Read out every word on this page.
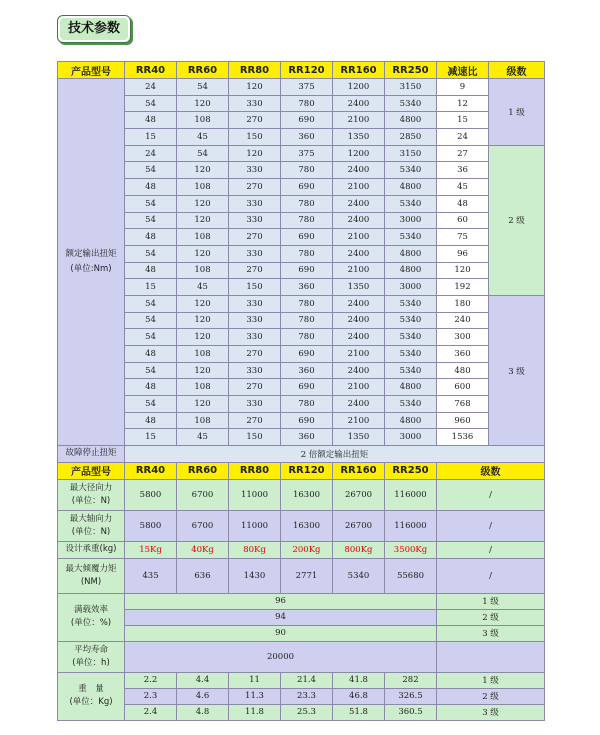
技术参数
产品型号	RR40	RR60	RR80	RR120	RR160	RR250	减速比	级数

额定输出扭矩
(单位:Nm)	24	54	120	375	1200	3150	9	1 级
	54	120	330	780	2400	5340	12	
	48	108	270	690	2100	4800	15	
	15	45	150	360	1350	2850	24	
	24	54	120	375	1200	3150	27	2 级
	54	120	330	780	2400	5340	36	
	48	108	270	690	2100	4800	45	
	54	120	330	780	2400	5340	48	
	54	120	330	780	2400	3000	60	
	48	108	270	690	2100	5340	75	
	54	120	330	780	2400	4800	96	
	48	108	270	690	2100	4800	120	
	15	45	150	360	1350	3000	192	
	54	120	330	780	2400	5340	180	3 级
	54	120	330	780	2400	5340	240	
	54	120	330	780	2400	5340	300	
	48	108	270	690	2100	5340	360	
	54	120	330	360	2400	5340	480	
	48	108	270	690	2100	4800	600	
	54	120	330	780	2400	5340	768	
	48	108	270	690	2100	4800	960	
	15	45	150	360	1350	3000	1536	
故障停止扭矩	2 倍额定输出扭矩							
产品型号	RR40	RR60	RR80	RR120	RR160	RR250	级数	

最大径向力
(单位：N)	5800	6700	11000	16300	26700	116000	/	

最大轴向力
(单位：N)	5800	6700	11000	16300	26700	116000	/	
设计承重(kg)	15Kg	40Kg	80Kg	200Kg	800Kg	3500Kg	/	

最大倾覆力矩
(NM)	435	636	1430	2771	5340	55680	/	

满载效率
(单位：%)	96						1 级	
	94						2 级	
	90						3 级	

平均寿命
(单位：h)	20000							

重　量
(单位：Kg)	2.2	4.4	11	21.4	41.8	282	1 级	
	2.3	4.6	11.3	23.3	46.8	326.5	2 级	
	2.4	4.8	11.8	25.3	51.8	360.5	3 级	
